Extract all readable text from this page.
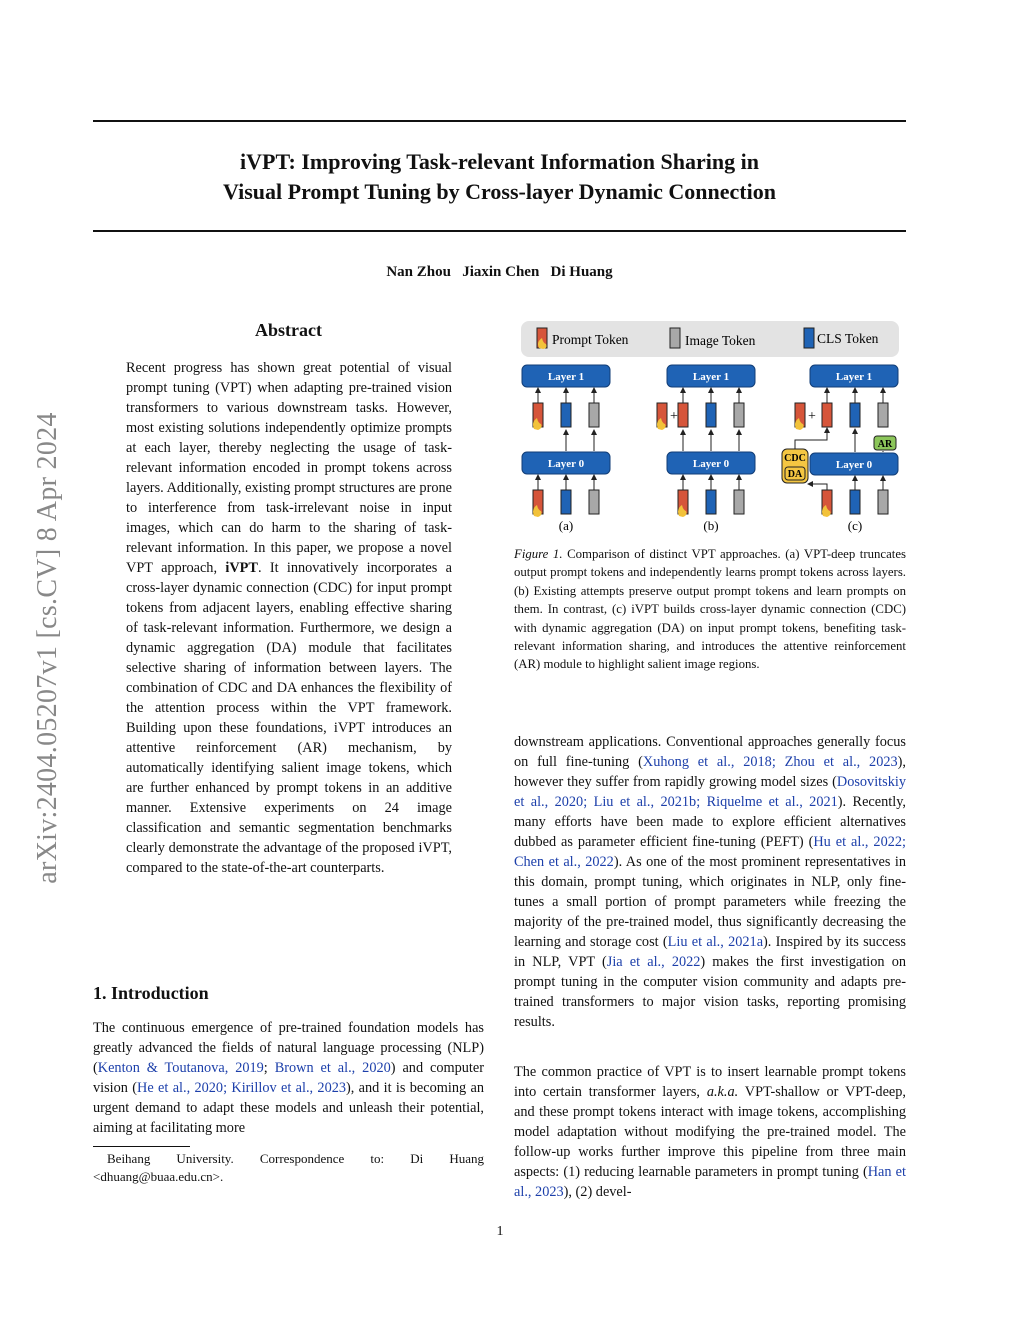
arXiv:2404.05207v1 [cs.CV] 8 Apr 2024
iVPT: Improving Task-relevant Information Sharing in
Visual Prompt Tuning by Cross-layer Dynamic Connection
Nan Zhou   Jiaxin Chen   Di Huang
Abstract
Recent progress has shown great potential of visual prompt tuning (VPT) when adapting pre-trained vision transformers to various downstream tasks. However, most existing solutions independently optimize prompts at each layer, thereby neglecting the usage of task-relevant information encoded in prompt tokens across layers. Additionally, existing prompt structures are prone to interference from task-irrelevant noise in input images, which can do harm to the sharing of task-relevant information. In this paper, we propose a novel VPT approach, iVPT. It innovatively incorporates a cross-layer dynamic connection (CDC) for input prompt tokens from adjacent layers, enabling effective sharing of task-relevant information. Furthermore, we design a dynamic aggregation (DA) module that facilitates selective sharing of information between layers. The combination of CDC and DA enhances the flexibility of the attention process within the VPT framework. Building upon these foundations, iVPT introduces an attentive reinforcement (AR) mechanism, by automatically identifying salient image tokens, which are further enhanced by prompt tokens in an additive manner. Extensive experiments on 24 image classification and semantic segmentation benchmarks clearly demonstrate the advantage of the proposed iVPT, compared to the state-of-the-art counterparts.
1. Introduction
The continuous emergence of pre-trained foundation models has greatly advanced the fields of natural language processing (NLP) (Kenton & Toutanova, 2019; Brown et al., 2020) and computer vision (He et al., 2020; Kirillov et al., 2023), and it is becoming an urgent demand to adapt these models and unleash their potential, aiming at facilitating more
Beihang University. Correspondence to: Di Huang
<dhuang@buaa.edu.cn>.
Prompt Token	Image Token	CLS Token
Layer 1
Layer 0
(a)
Layer 1
+
Layer 0
(b)
Layer 1
+
AR
Layer 0
CDC
DA
(c)
Figure 1. Comparison of distinct VPT approaches. (a) VPT-deep truncates output prompt tokens and independently learns prompt tokens across layers. (b) Existing attempts preserve output prompt tokens and learn prompts on them. In contrast, (c) iVPT builds cross-layer dynamic connection (CDC) with dynamic aggregation (DA) on input prompt tokens, benefiting task-relevant information sharing, and introduces the attentive reinforcement (AR) module to highlight salient image regions.
downstream applications. Conventional approaches generally focus on full fine-tuning (Xuhong et al., 2018; Zhou et al., 2023), however they suffer from rapidly growing model sizes (Dosovitskiy et al., 2020; Liu et al., 2021b; Riquelme et al., 2021). Recently, many efforts have been made to explore efficient alternatives dubbed as parameter efficient fine-tuning (PEFT) (Hu et al., 2022; Chen et al., 2022). As one of the most prominent representatives in this domain, prompt tuning, which originates in NLP, only fine-tunes a small portion of prompt parameters while freezing the majority of the pre-trained model, thus significantly decreasing the learning and storage cost (Liu et al., 2021a). Inspired by its success in NLP, VPT (Jia et al., 2022) makes the first investigation on prompt tuning in the computer vision community and adapts pre-trained transformers to major vision tasks, reporting promising results.
The common practice of VPT is to insert learnable prompt tokens into certain transformer layers, a.k.a. VPT-shallow or VPT-deep, and these prompt tokens interact with image tokens, accomplishing model adaptation without modifying the pre-trained model. The follow-up works further improve this pipeline from three main aspects: (1) reducing learnable parameters in prompt tuning (Han et al., 2023), (2) devel-
1
